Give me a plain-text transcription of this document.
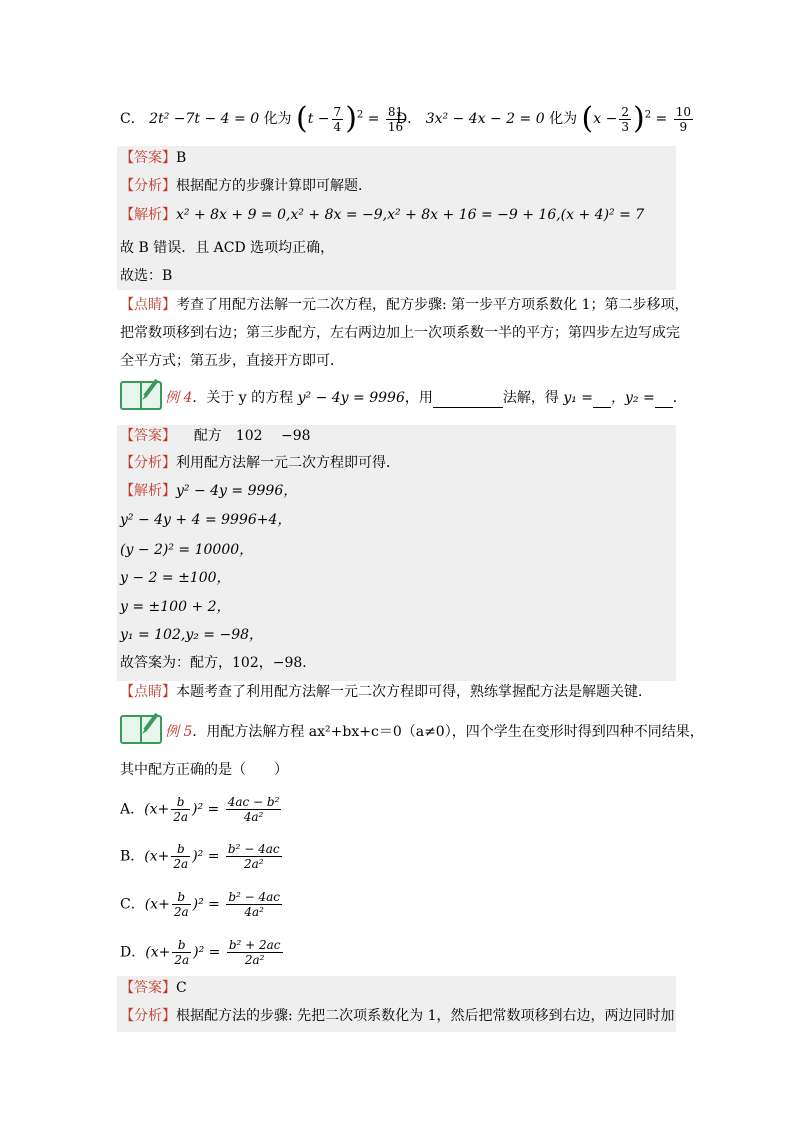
C． 2t² −7t − 4 = 0 化为 $(t - \frac{7}{4} )^2 = \frac{81}{16}$
D． 3x² − 4x − 2 = 0 化为 $(x - \frac{2}{3} )^2 = \frac{10}{9}$
【答案】B
【分析】根据配方的步骤计算即可解题．
【解析】x² + 8x + 9 = 0,x² + 8x = −9,x² + 8x + 16 = −9 + 16,(x + 4)² = 7
故 B 错误．且 ACD 选项均正确，
故选：B
【点睛】考查了用配方法解一元二次方程，配方步骤: 第一步平方项系数化 1；第二步移项，
把常数项移到右边；第三步配方，左右两边加上一次项系数一半的平方；第四步左边写成完
全平方式；第五步，直接开方即可．
例 4．关于 y 的方程 y² − 4y = 9996，用	法解，得 y₁ = ，y₂ = ．
【答案】 配方　102　 −98
【分析】利用配方法解一元二次方程即可得．
【解析】y² − 4y = 9996，
y² − 4y + 4 = 9996+4，
(y − 2)² = 10000，
y − 2 = ±100，
y = ±100 + 2，
y₁ = 102,y₂ = −98，
故答案为：配方，102，−98．
【点睛】本题考查了利用配方法解一元二次方程即可得，熟练掌握配方法是解题关键．
例 5．用配方法解方程 ax²+bx+c＝0（a≠0），四个学生在变形时得到四种不同结果，
其中配方正确的是（　　）
A．$(x+ \frac{b}{2a} )^2 = \frac{\text{4ac − b²}}{\text{4a²}}$
B．$(x+ \frac{b}{2a} )^2 = \frac{\text{b² − 4ac}}{\text{2a²}}$
C．$(x+ \frac{b}{2a} )^2 = \frac{\text{b² − 4ac}}{\text{4a²}}$
D．$(x+ \frac{b}{2a} )^2 = \frac{\text{b² + 2ac}}{\text{2a²}}$
【答案】C
【分析】根据配方法的步骤: 先把二次项系数化为 1，然后把常数项移到右边，两边同时加
